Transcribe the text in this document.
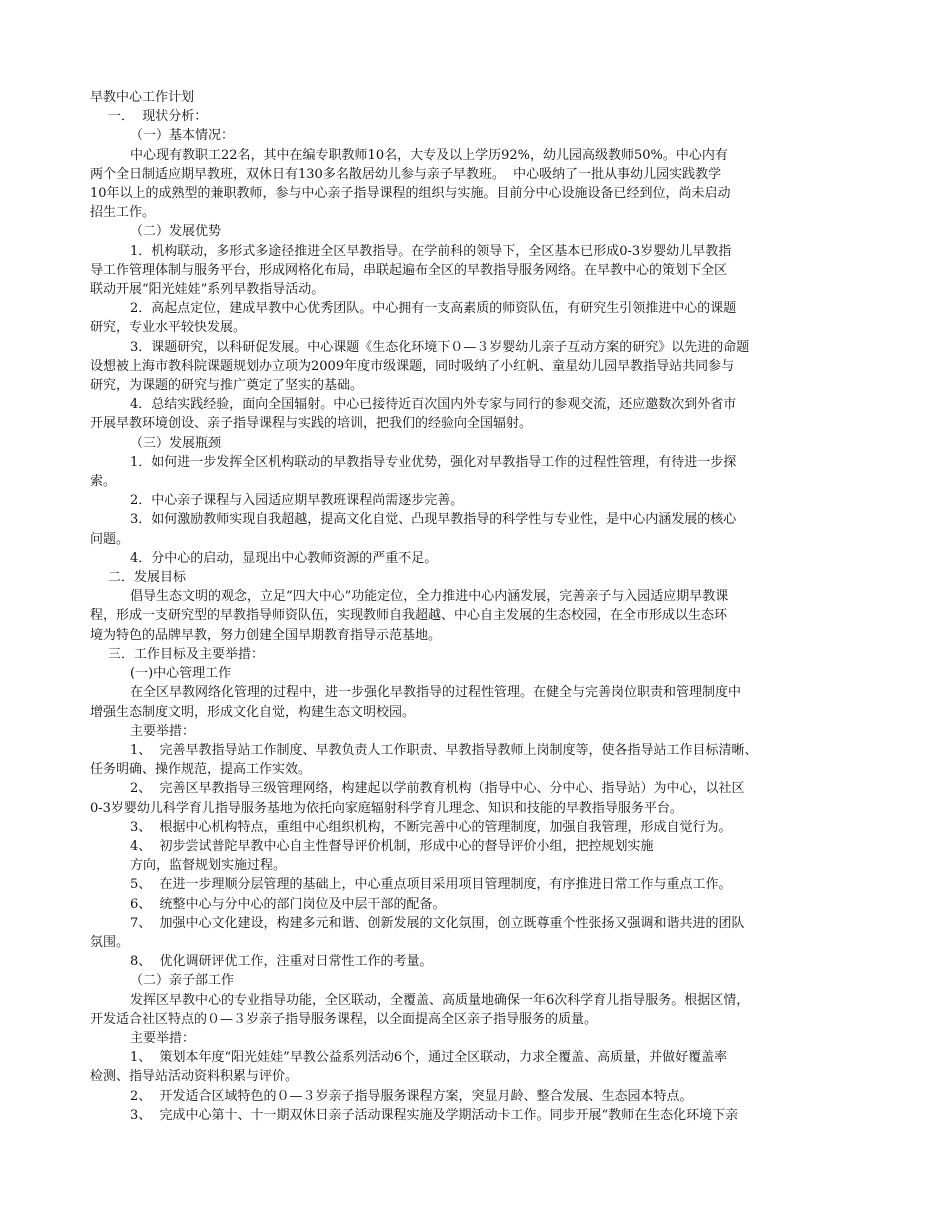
早教中心工作计划
一．  现状分析：
（一）基本情况：
中心现有教职工22名，其中在编专职教师10名，大专及以上学历92%，幼儿园高级教师50%。中心内有
两个全日制适应期早教班，双休日有130多名散居幼儿参与亲子早教班。  中心吸纳了一批从事幼儿园实践教学
10年以上的成熟型的兼职教师，参与中心亲子指导课程的组织与实施。目前分中心设施设备已经到位，尚未启动
招生工作。
（二）发展优势
1．机构联动，多形式多途径推进全区早教指导。在学前科的领导下，全区基本已形成0-3岁婴幼儿早教指
导工作管理体制与服务平台，形成网格化布局，串联起遍布全区的早教指导服务网络。在早教中心的策划下全区
联动开展“阳光娃娃”系列早教指导活动。
2．高起点定位，建成早教中心优秀团队。中心拥有一支高素质的师资队伍，有研究生引领推进中心的课题
研究，专业水平较快发展。
3．课题研究，以科研促发展。中心课题《生态化环境下０—３岁婴幼儿亲子互动方案的研究》以先进的命题
设想被上海市教科院课题规划办立项为2009年度市级课题，同时吸纳了小红帆、童星幼儿园早教指导站共同参与
研究，为课题的研究与推广奠定了坚实的基础。
4．总结实践经验，面向全国辐射。中心已接待近百次国内外专家与同行的参观交流，还应邀数次到外省市
开展早教环境创设、亲子指导课程与实践的培训，把我们的经验向全国辐射。
（三）发展瓶颈
1．如何进一步发挥全区机构联动的早教指导专业优势，强化对早教指导工作的过程性管理，有待进一步探
索。
2．中心亲子课程与入园适应期早教班课程尚需逐步完善。
3．如何激励教师实现自我超越，提高文化自觉、凸现早教指导的科学性与专业性，是中心内涵发展的核心
问题。
4．分中心的启动，显现出中心教师资源的严重不足。
二．发展目标
倡导生态文明的观念，立足“四大中心”功能定位，全力推进中心内涵发展，完善亲子与入园适应期早教课
程，形成一支研究型的早教指导师资队伍，实现教师自我超越、中心自主发展的生态校园，在全市形成以生态环
境为特色的品牌早教，努力创建全国早期教育指导示范基地。
三．工作目标及主要举措：
(一)中心管理工作
在全区早教网络化管理的过程中，进一步强化早教指导的过程性管理。在健全与完善岗位职责和管理制度中
增强生态制度文明，形成文化自觉，构建生态文明校园。
主要举措：
1、  完善早教指导站工作制度、早教负责人工作职责、早教指导教师上岗制度等，使各指导站工作目标清晰、
任务明确、操作规范，提高工作实效。
2、  完善区早教指导三级管理网络，构建起以学前教育机构（指导中心、分中心、指导站）为中心，以社区
0-3岁婴幼儿科学育儿指导服务基地为依托向家庭辐射科学育儿理念、知识和技能的早教指导服务平台。
3、  根据中心机构特点，重组中心组织机构，不断完善中心的管理制度，加强自我管理，形成自觉行为。
4、  初步尝试普陀早教中心自主性督导评价机制，形成中心的督导评价小组，把控规划实施
方向，监督规划实施过程。
5、  在进一步理顺分层管理的基础上，中心重点项目采用项目管理制度，有序推进日常工作与重点工作。
6、  统整中心与分中心的部门岗位及中层干部的配备。
7、  加强中心文化建设，构建多元和谐、创新发展的文化氛围，创立既尊重个性张扬又强调和谐共进的团队
氛围。
8、  优化调研评优工作，注重对日常性工作的考量。
（二）亲子部工作
发挥区早教中心的专业指导功能，全区联动，全覆盖、高质量地确保一年6次科学育儿指导服务。根据区情，
开发适合社区特点的０—３岁亲子指导服务课程，以全面提高全区亲子指导服务的质量。
主要举措：
1、  策划本年度“阳光娃娃”早教公益系列活动6个，通过全区联动，力求全覆盖、高质量，并做好覆盖率
检测、指导站活动资料积累与评价。
2、  开发适合区域特色的０—３岁亲子指导服务课程方案，突显月龄、整合发展、生态园本特点。
3、  完成中心第十、十一期双休日亲子活动课程实施及学期活动卡工作。同步开展“教师在生态化环境下亲
